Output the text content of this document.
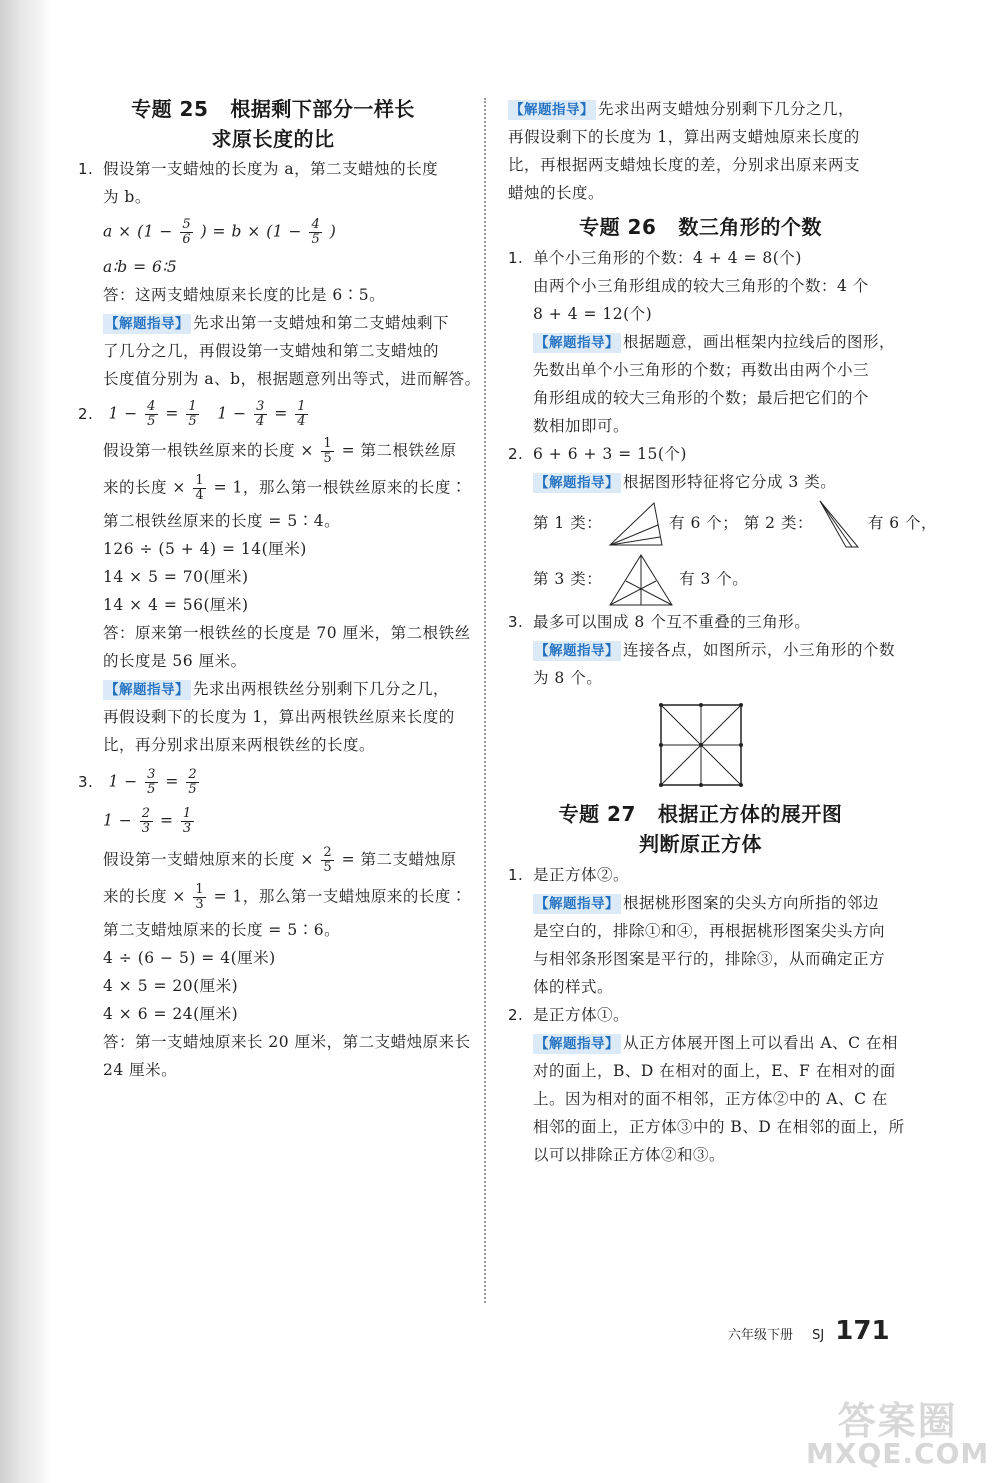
专题 25 根据剩下部分一样长
求原长度的比
1. 假设第一支蜡烛的长度为 a，第二支蜡烛的长度
为 b。
$a \times (1 - \frac{5}{6}$ ) = $b \times (1 - \frac{4}{5}$ )
a∶b = 6∶5
答：这两支蜡烛原来长度的比是 6∶5。
【解题指导】 先求出第一支蜡烛和第二支蜡烛剩下
了几分之几，再假设第一支蜡烛和第二支蜡烛的
长度值分别为 a、b，根据题意列出等式，进而解答。
2. $1 - \frac{4}{5} = \frac{1}{5} 1 - \frac{3}{4} = \frac{1}{4}$
假设第一根铁丝原来的长度 × $\frac{1}{5}$ = 第二根铁丝原
来的长度 × $\frac{1}{4} = 1$，那么第一根铁丝原来的长度∶
第二根铁丝原来的长度 = 5∶4。
126 ÷ (5 + 4) = 14(厘米)
14 × 5 = 70(厘米)
14 × 4 = 56(厘米)
答：原来第一根铁丝的长度是 70 厘米，第二根铁丝
的长度是 56 厘米。
【解题指导】 先求出两根铁丝分别剩下几分之几，
再假设剩下的长度为 1，算出两根铁丝原来长度的
比，再分别求出原来两根铁丝的长度。
3. $1 - \frac{3}{5} = \frac{2}{5}$
$1 - \frac{2}{3} = \frac{1}{3}$
假设第一支蜡烛原来的长度 × $\frac{2}{5}$ = 第二支蜡烛原
来的长度 × $\frac{1}{3} = 1$，那么第一支蜡烛原来的长度∶
第二支蜡烛原来的长度 = 5∶6。
4 ÷ (6 − 5) = 4(厘米)
4 × 5 = 20(厘米)
4 × 6 = 24(厘米)
答：第一支蜡烛原来长 20 厘米，第二支蜡烛原来长
24 厘米。
【解题指导】 先求出两支蜡烛分别剩下几分之几，
再假设剩下的长度为 1，算出两支蜡烛原来长度的
比，再根据两支蜡烛长度的差，分别求出原来两支
蜡烛的长度。
专题 26 数三角形的个数
1. 单个小三角形的个数：4 + 4 = 8(个)
由两个小三角形组成的较大三角形的个数：4 个
8 + 4 = 12(个)
【解题指导】 根据题意，画出框架内拉线后的图形，
先数出单个小三角形的个数；再数出由两个小三
角形组成的较大三角形的个数；最后把它们的个
数相加即可。
2. 6 + 6 + 3 = 15(个)
【解题指导】 根据图形特征将它分成 3 类。
第 1 类：	有 6 个； 第 2 类：	有 6 个，
第 3 类：	有 3 个。
3. 最多可以围成 8 个互不重叠的三角形。
【解题指导】 连接各点，如图所示，小三角形的个数
为 8 个。
专题 27 根据正方体的展开图
判断原正方体
1. 是正方体②。
【解题指导】 根据桃形图案的尖头方向所指的邻边
是空白的，排除①和④，再根据桃形图案尖头方向
与相邻条形图案是平行的，排除③，从而确定正方
体的样式。
2. 是正方体①。
【解题指导】 从正方体展开图上可以看出 A、C 在相
对的面上，B、D 在相对的面上，E、F 在相对的面
上。因为相对的面不相邻，正方体②中的 A、C 在
相邻的面上，正方体③中的 B、D 在相邻的面上，所
以可以排除正方体②和③。
六年级下册 SJ 171
答案圈
MXQE.COM
